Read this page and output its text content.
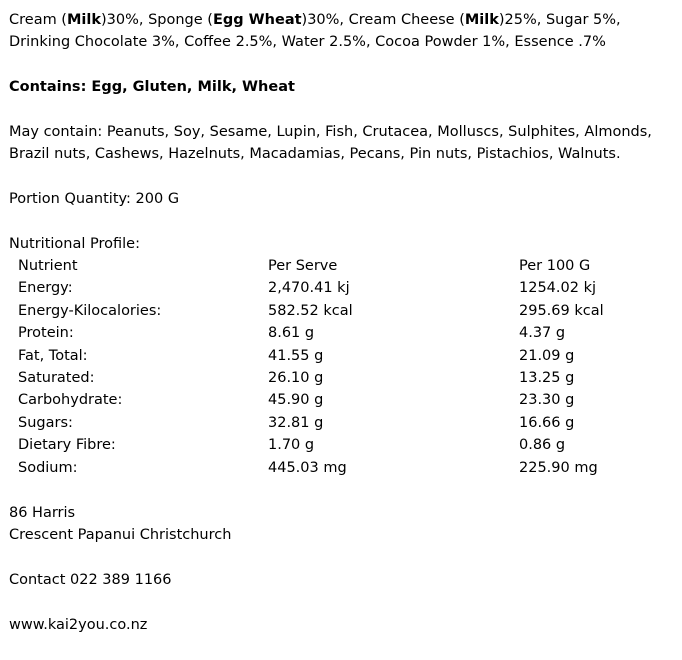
Cream (Milk)30%, Sponge (Egg Wheat)30%, Cream Cheese (Milk)25%, Sugar 5%,

Drinking Chocolate 3%, Coffee 2.5%, Water 2.5%, Cocoa Powder 1%, Essence .7%

Contains: Egg, Gluten, Milk, Wheat

May contain: Peanuts, Soy, Sesame, Lupin, Fish, Crutacea, Molluscs, Sulphites, Almonds,

Brazil nuts, Cashews, Hazelnuts, Macadamias, Pecans, Pin nuts, Pistachios, Walnuts.

Portion Quantity: 200 G

Nutritional Profile:

Nutrient	Per Serve	Per 100 G
Energy:	2,470.41 kj	1254.02 kj
Energy-Kilocalories:	582.52 kcal	295.69 kcal
Protein:	8.61 g	4.37 g
Fat, Total:	41.55 g	21.09 g
Saturated:	26.10 g	13.25 g
Carbohydrate:	45.90 g	23.30 g
Sugars:	32.81 g	16.66 g
Dietary Fibre:	1.70 g	0.86 g
Sodium:	445.03 mg	225.90 mg

86 Harris

Crescent Papanui Christchurch

Contact 022 389 1166

www.kai2you.co.nz
